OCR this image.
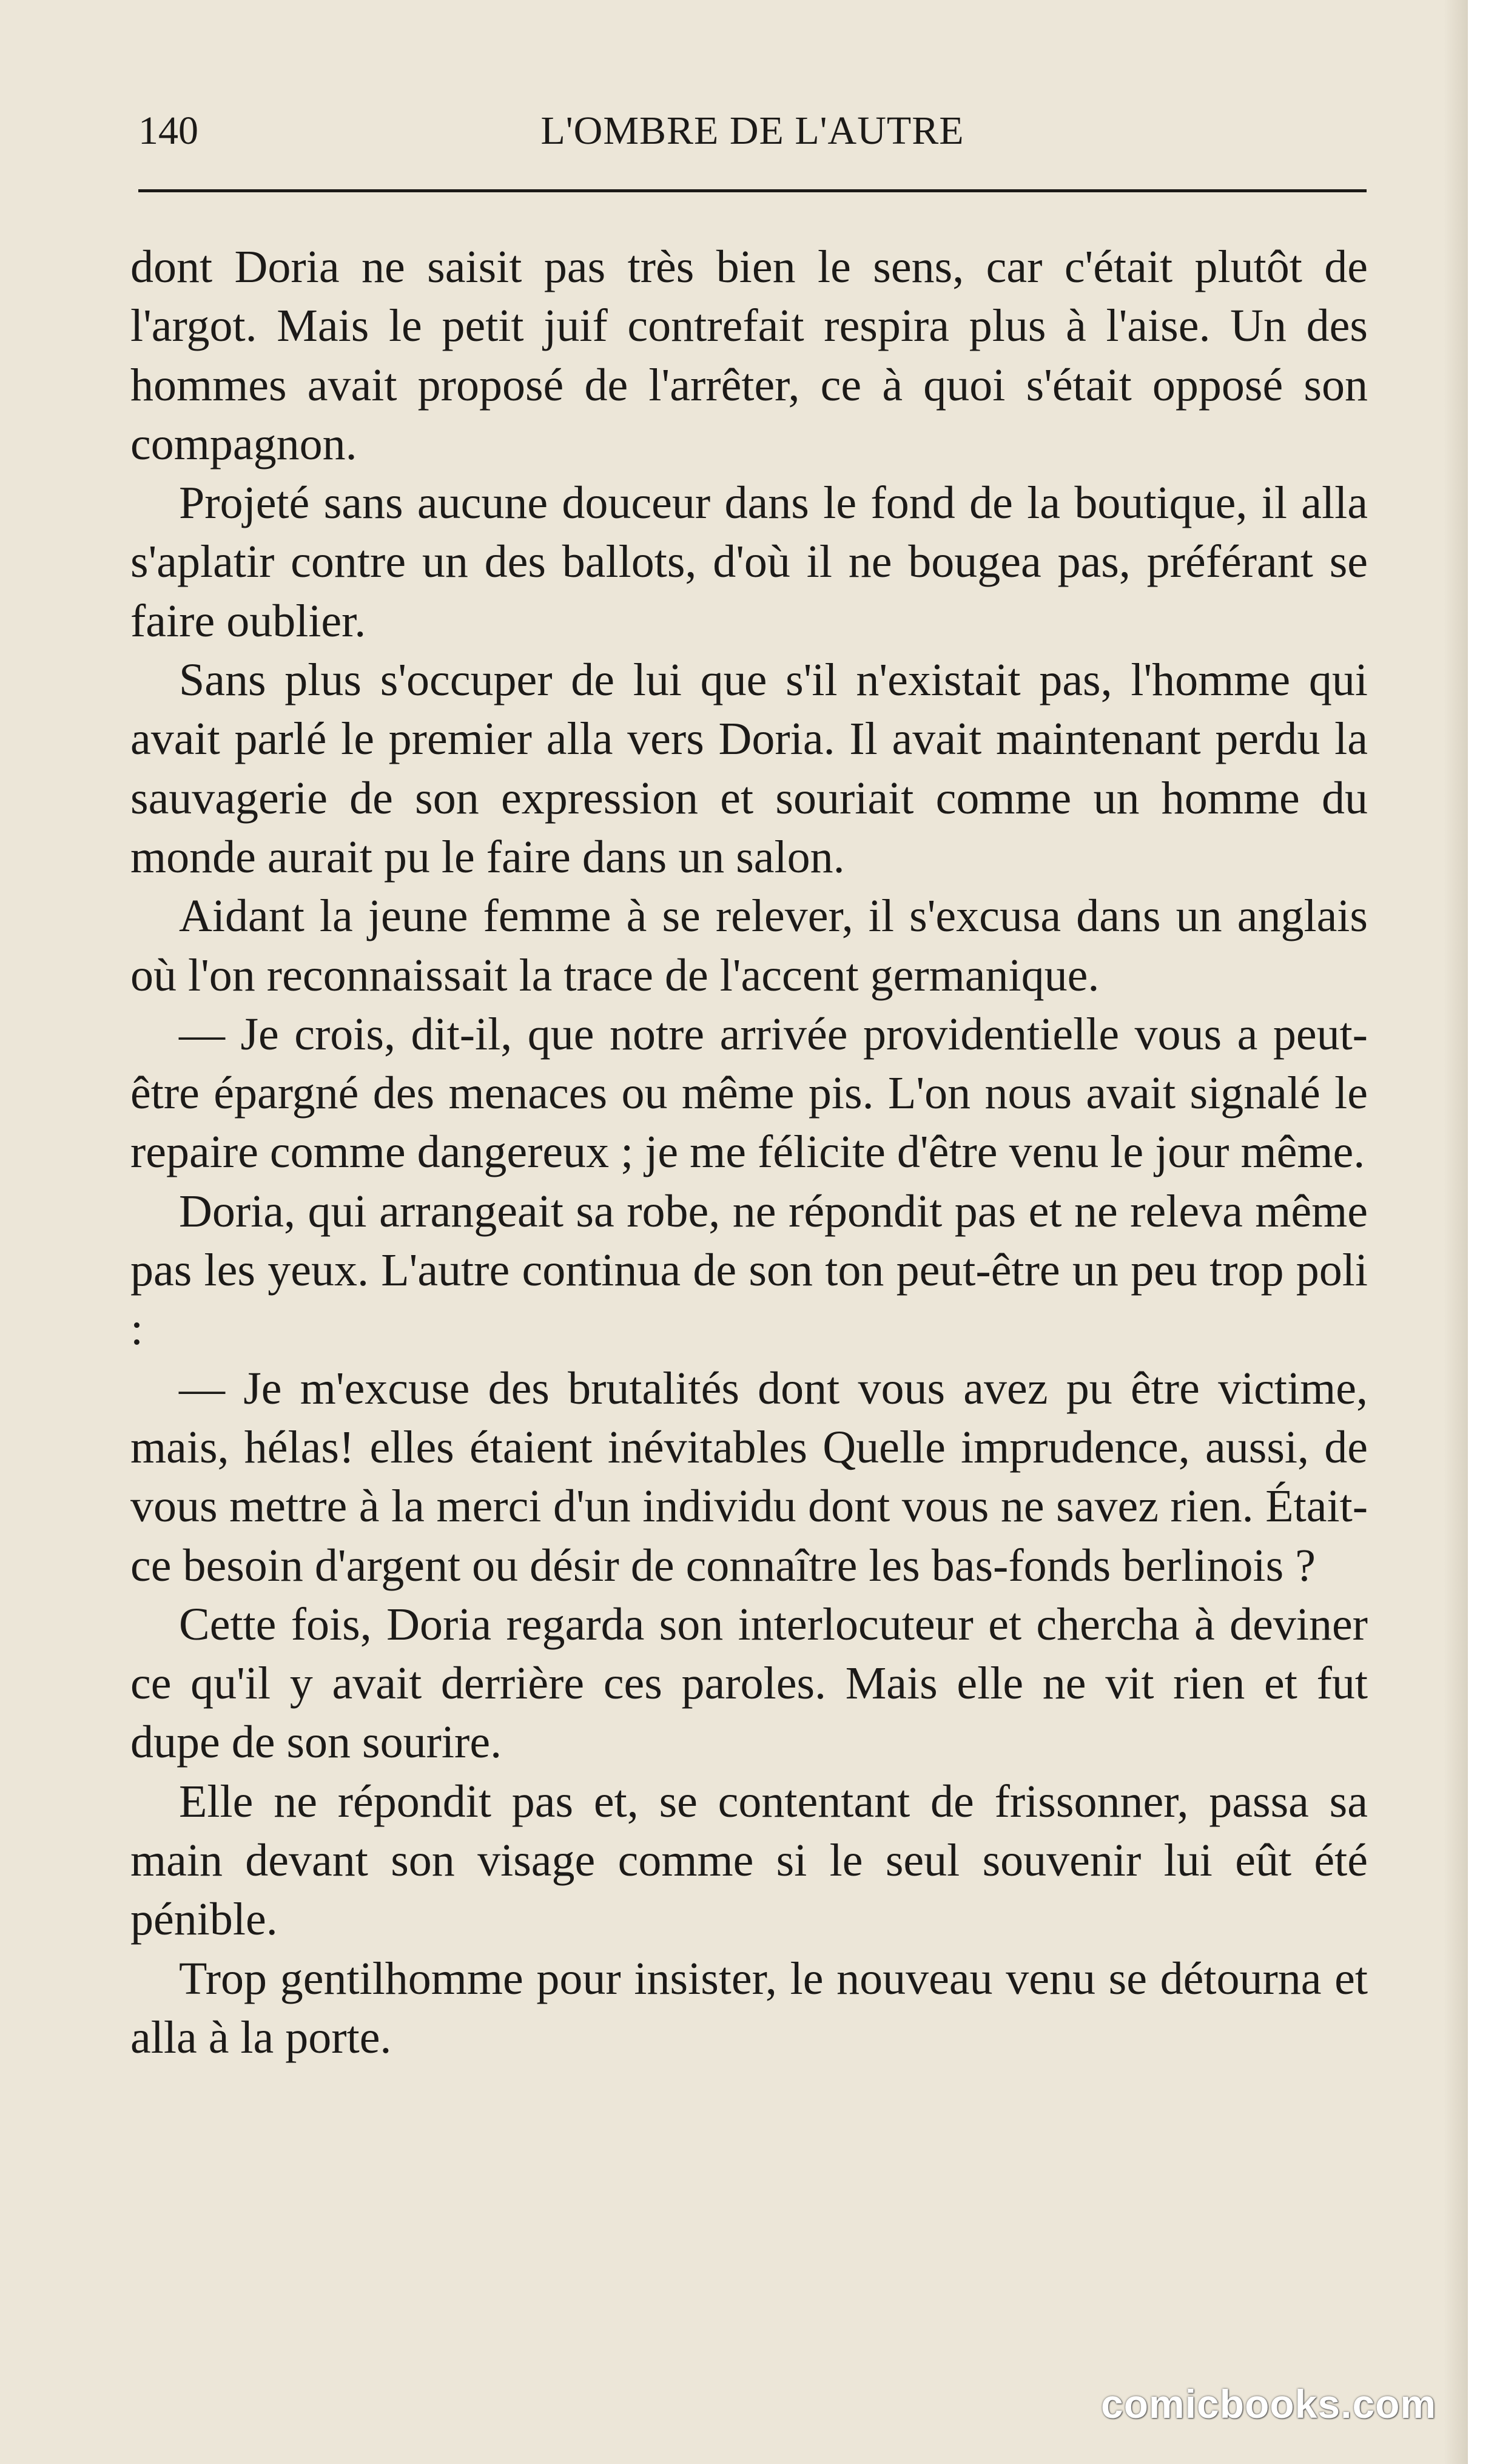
140	L'OMBRE DE L'AUTRE

dont Doria ne saisit pas très bien le sens, car c'était plutôt de l'argot. Mais le petit juif contrefait respira plus à l'aise. Un des hommes avait proposé de l'arrêter, ce à quoi s'était opposé son compagnon.

Projeté sans aucune douceur dans le fond de la boutique, il alla s'aplatir contre un des ballots, d'où il ne bougea pas, préférant se faire oublier.

Sans plus s'occuper de lui que s'il n'existait pas, l'homme qui avait parlé le premier alla vers Doria. Il avait maintenant perdu la sauvagerie de son expression et souriait comme un homme du monde aurait pu le faire dans un salon.

Aidant la jeune femme à se relever, il s'excusa dans un anglais où l'on reconnaissait la trace de l'accent germanique.

— Je crois, dit-il, que notre arrivée providentielle vous a peut-être épargné des menaces ou même pis. L'on nous avait signalé le repaire comme dangereux ; je me félicite d'être venu le jour même.

Doria, qui arrangeait sa robe, ne répondit pas et ne releva même pas les yeux. L'autre continua de son ton peut-être un peu trop poli :

— Je m'excuse des brutalités dont vous avez pu être victime, mais, hélas! elles étaient inévitables Quelle imprudence, aussi, de vous mettre à la merci d'un individu dont vous ne savez rien. Était-ce besoin d'argent ou désir de connaître les bas-fonds berlinois ?

Cette fois, Doria regarda son interlocuteur et chercha à deviner ce qu'il y avait derrière ces paroles. Mais elle ne vit rien et fut dupe de son sourire.

Elle ne répondit pas et, se contentant de frissonner, passa sa main devant son visage comme si le seul souvenir lui eût été pénible.

Trop gentilhomme pour insister, le nouveau venu se détourna et alla à la porte.

comicbooks.com
